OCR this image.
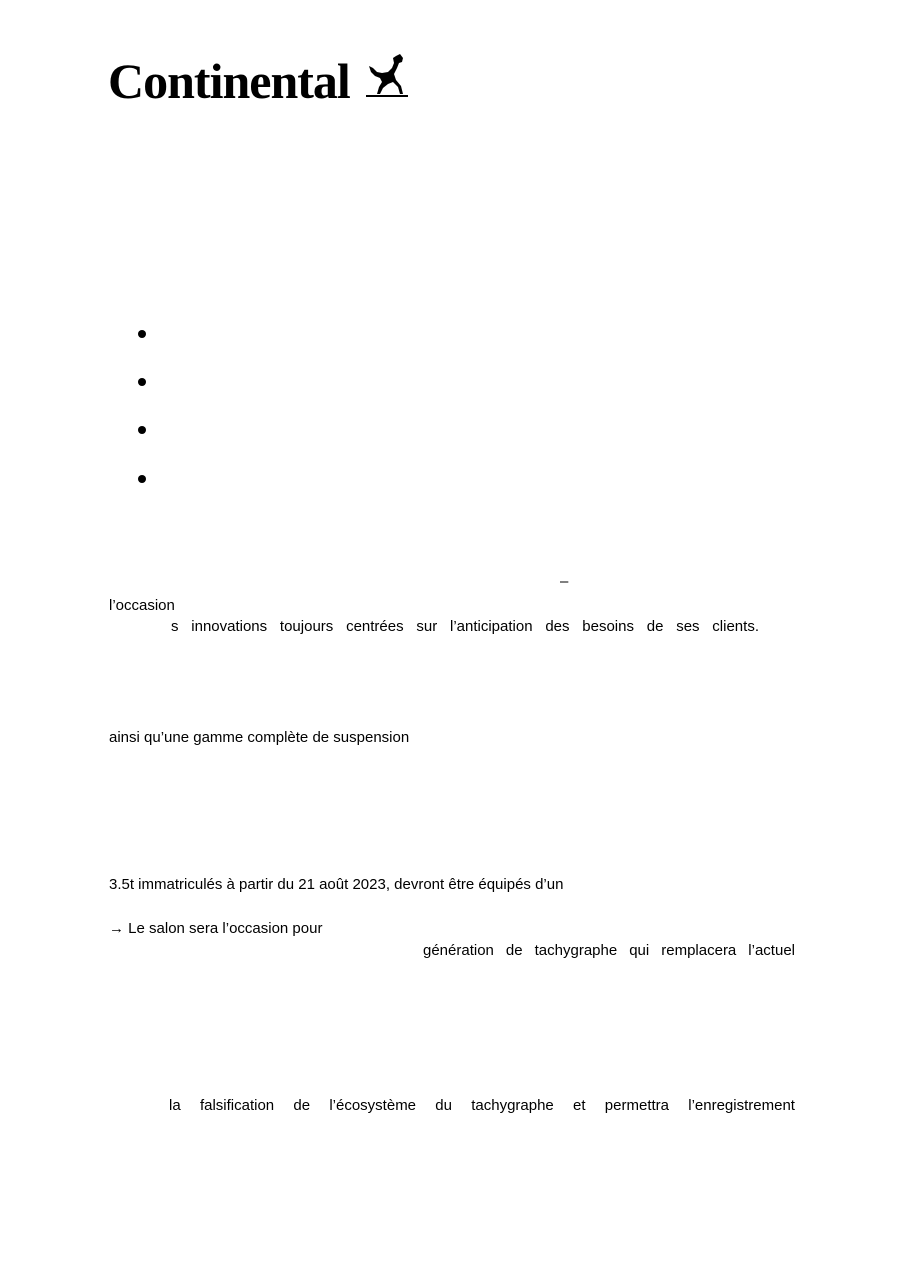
Continental
–
l’occasion
s innovations toujours centrées sur l’anticipation des besoins de ses clients.
ainsi qu’une gamme complète de suspension
3.5t immatriculés à partir du 21 août 2023, devront être équipés d’un
→ Le salon sera l’occasion pour
génération de tachygraphe qui remplacera l’actuel
la falsification de l’écosystème du tachygraphe et permettra l’enregistrement
